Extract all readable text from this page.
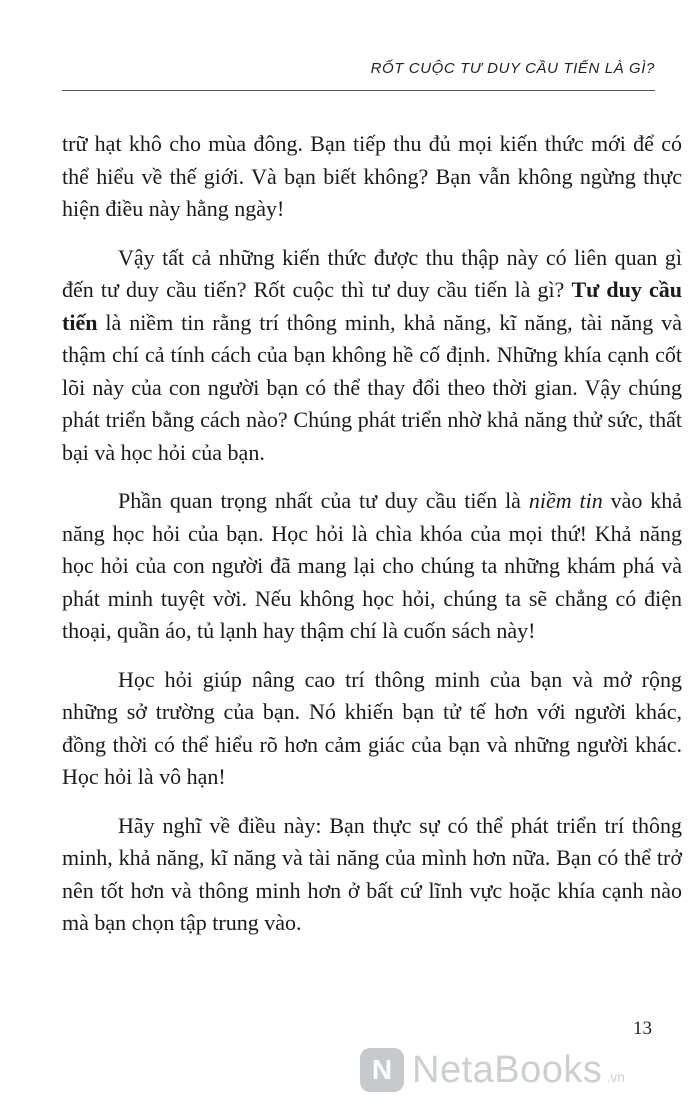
RỐT CUỘC TƯ DUY CẦU TIẾN LÀ GÌ?

trữ hạt khô cho mùa đông. Bạn tiếp thu đủ mọi kiến thức mới để có thể hiểu về thế giới. Và bạn biết không? Bạn vẫn không ngừng thực hiện điều này hằng ngày!

Vậy tất cả những kiến thức được thu thập này có liên quan gì đến tư duy cầu tiến? Rốt cuộc thì tư duy cầu tiến là gì? Tư duy cầu tiến là niềm tin rằng trí thông minh, khả năng, kĩ năng, tài năng và thậm chí cả tính cách của bạn không hề cố định. Những khía cạnh cốt lõi này của con người bạn có thể thay đổi theo thời gian. Vậy chúng phát triển bằng cách nào? Chúng phát triển nhờ khả năng thử sức, thất bại và học hỏi của bạn.

Phần quan trọng nhất của tư duy cầu tiến là niềm tin vào khả năng học hỏi của bạn. Học hỏi là chìa khóa của mọi thứ! Khả năng học hỏi của con người đã mang lại cho chúng ta những khám phá và phát minh tuyệt vời. Nếu không học hỏi, chúng ta sẽ chẳng có điện thoại, quần áo, tủ lạnh hay thậm chí là cuốn sách này!

Học hỏi giúp nâng cao trí thông minh của bạn và mở rộng những sở trường của bạn. Nó khiến bạn tử tế hơn với người khác, đồng thời có thể hiểu rõ hơn cảm giác của bạn và những người khác. Học hỏi là vô hạn!

Hãy nghĩ về điều này: Bạn thực sự có thể phát triển trí thông minh, khả năng, kĩ năng và tài năng của mình hơn nữa. Bạn có thể trở nên tốt hơn và thông minh hơn ở bất cứ lĩnh vực hoặc khía cạnh nào mà bạn chọn tập trung vào.

13
N NetaBooks .vn
